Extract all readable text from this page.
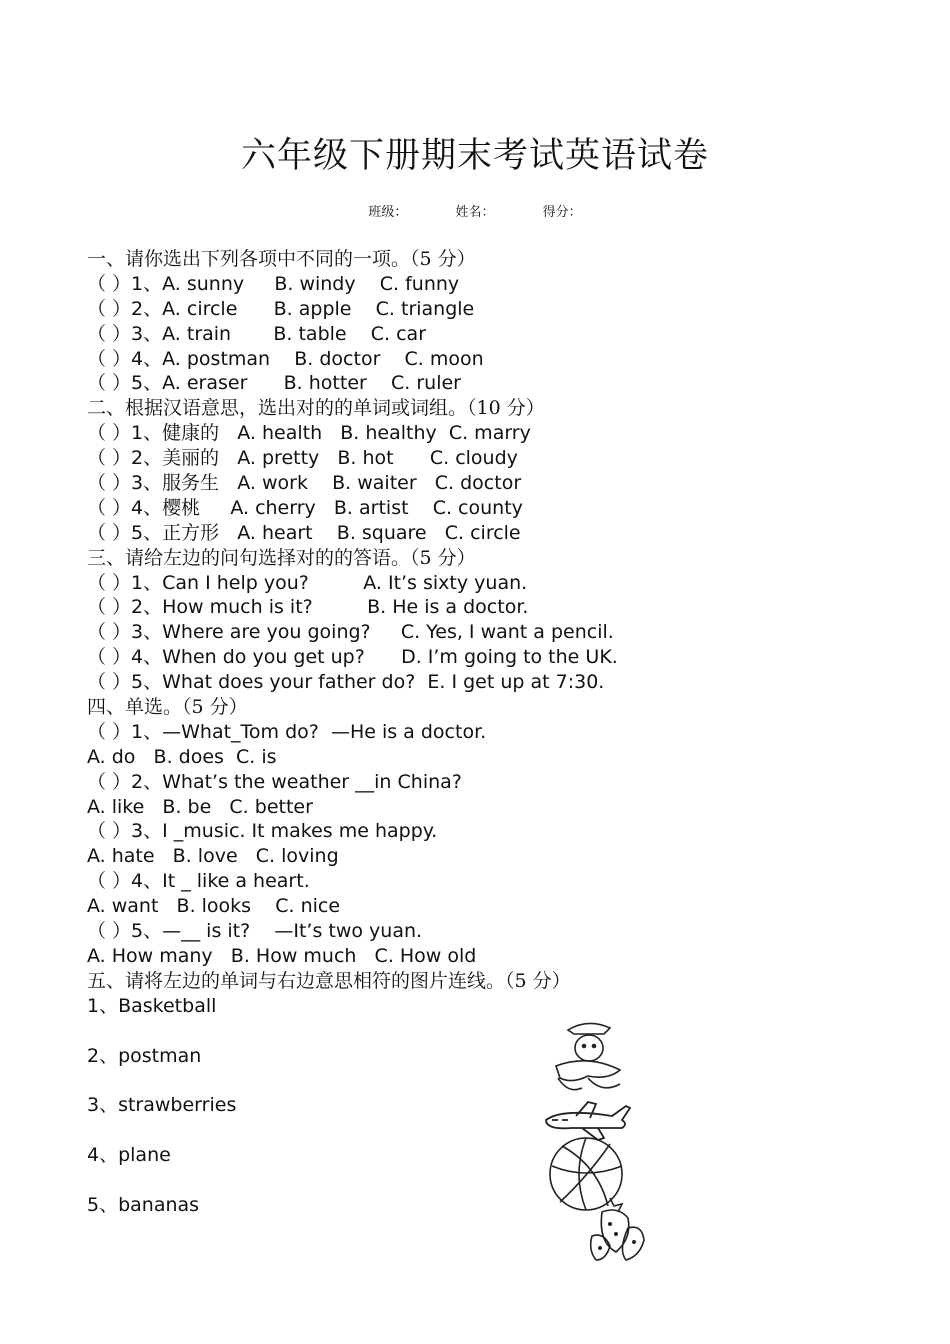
六年级下册期末考试英语试卷
班级：	姓名：	得分：
一、请你选出下列各项中不同的一项。（5 分）
（ ）1、A. sunny     B. windy    C. funny
（ ）2、A. circle      B. apple    C. triangle
（ ）3、A. train       B. table    C. car
（ ）4、A. postman    B. doctor    C. moon
（ ）5、A. eraser      B. hotter    C. ruler
二、根据汉语意思，选出对的的单词或词组。（10 分）
（ ）1、健康的   A. health   B. healthy  C. marry
（ ）2、美丽的   A. pretty   B. hot      C. cloudy
（ ）3、服务生   A. work    B. waiter   C. doctor
（ ）4、樱桃     A. cherry   B. artist    C. county
（ ）5、正方形   A. heart    B. square   C. circle
三、请给左边的问句选择对的的答语。（5 分）
（ ）1、Can I help you?         A. It’s sixty yuan.
（ ）2、How much is it?         B. He is a doctor.
（ ）3、Where are you going?     C. Yes, I want a pencil.
（ ）4、When do you get up?      D. I’m going to the UK.
（ ）5、What does your father do?  E. I get up at 7:30.
四、单选。（5 分）
（ ）1、—What_Tom do?  —He is a doctor.
A. do   B. does  C. is
（ ）2、What’s the weather __in China?
A. like   B. be   C. better
（ ）3、I _music. It makes me happy.
A. hate   B. love   C. loving
（ ）4、It _ like a heart.
A. want   B. looks    C. nice
（ ）5、—__ is it?    —It’s two yuan.
A. How many   B. How much   C. How old
五、请将左边的单词与右边意思相符的图片连线。（5 分）
1、Basketball
2、postman
3、strawberries
4、plane
5、bananas
